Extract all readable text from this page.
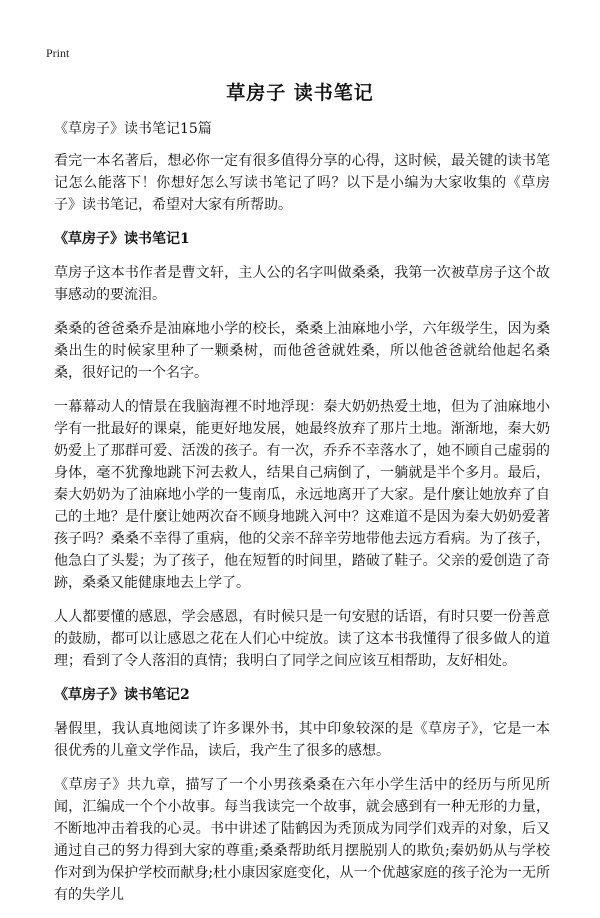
Print
草房子 读书笔记

《草房子》读书笔记15篇

看完一本名著后，想必你一定有很多值得分享的心得，这时候，最关键的读书笔记怎么能落下！你想好怎么写读书笔记了吗？以下是小编为大家收集的《草房子》读书笔记，希望对大家有所帮助。

《草房子》读书笔记1

草房子这本书作者是曹文轩，主人公的名字叫做桑桑，我第一次被草房子这个故事感动的要流泪。

桑桑的爸爸桑乔是油麻地小学的校长，桑桑上油麻地小学，六年级学生，因为桑桑出生的时候家里种了一颗桑树，而他爸爸就姓桑，所以他爸爸就给他起名桑桑，很好记的一个名字。

一幕幕动人的情景在我脑海裡不时地浮现：秦大奶奶热爱土地，但为了油麻地小学有一批最好的课桌，能更好地发展，她最终放弃了那片土地。渐渐地，秦大奶奶爱上了那群可爱、活泼的孩子。有一次，乔乔不幸落水了，她不顾自己虚弱的身体，毫不犹豫地跳下河去救人，结果自己病倒了，一躺就是半个多月。最后，秦大奶奶为了油麻地小学的一隻南瓜，永远地离开了大家。是什麼让她放弃了自己的土地？是什麼让她两次奋不顾身地跳入河中？这难道不是因为秦大奶奶爱著孩子吗？桑桑不幸得了重病，他的父亲不辞辛劳地带他去远方看病。为了孩子，他急白了头髮；为了孩子，他在短暂的时间里，踏破了鞋子。父亲的爱创造了奇跡，桑桑又能健康地去上学了。

人人都要懂的感恩，学会感恩，有时候只是一句安慰的话语，有时只要一份善意的鼓励，都可以让感恩之花在人们心中绽放。读了这本书我懂得了很多做人的道理；看到了令人落泪的真情；我明白了同学之间应该互相帮助，友好相处。

《草房子》读书笔记2

暑假里，我认真地阅读了许多课外书，其中印象较深的是《草房子》，它是一本很优秀的儿童文学作品，读后，我产生了很多的感想。

《草房子》共九章，描写了一个小男孩桑桑在六年小学生活中的经历与所见所闻，汇编成一个个小故事。每当我读完一个故事，就会感到有一种无形的力量，不断地冲击着我的心灵。书中讲述了陆鹤因为秃顶成为同学们戏弄的对象，后又通过自己的努力得到大家的尊重;桑桑帮助纸月摆脱别人的欺负;秦奶奶从与学校作对到为保护学校而献身;杜小康因家庭变化，从一个优越家庭的孩子沦为一无所有的失学儿
